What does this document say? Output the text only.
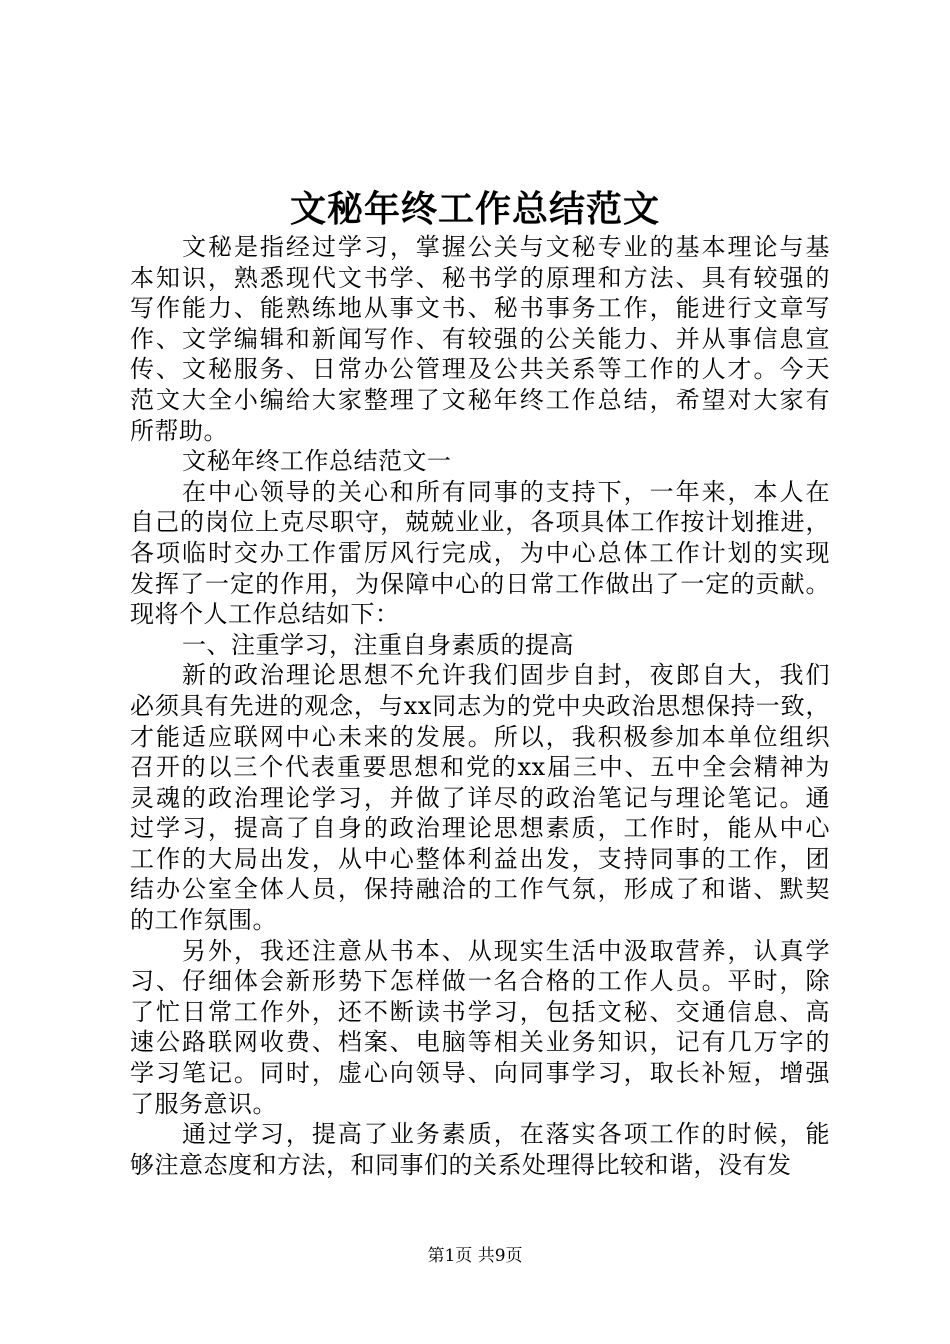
文秘年终工作总结范文
文秘是指经过学习，掌握公关与文秘专业的基本理论与基
本知识，熟悉现代文书学、秘书学的原理和方法、具有较强的
写作能力、能熟练地从事文书、秘书事务工作，能进行文章写
作、文学编辑和新闻写作、有较强的公关能力、并从事信息宣
传、文秘服务、日常办公管理及公共关系等工作的人才。今天
范文大全小编给大家整理了文秘年终工作总结，希望对大家有
所帮助。
文秘年终工作总结范文一
在中心领导的关心和所有同事的支持下，一年来，本人在
自己的岗位上克尽职守，兢兢业业，各项具体工作按计划推进，
各项临时交办工作雷厉风行完成，为中心总体工作计划的实现
发挥了一定的作用，为保障中心的日常工作做出了一定的贡献。
现将个人工作总结如下：
一、注重学习，注重自身素质的提高
新的政治理论思想不允许我们固步自封，夜郎自大，我们
必须具有先进的观念，与xx同志为的党中央政治思想保持一致，
才能适应联网中心未来的发展。所以，我积极参加本单位组织
召开的以三个代表重要思想和党的xx届三中、五中全会精神为
灵魂的政治理论学习，并做了详尽的政治笔记与理论笔记。通
过学习，提高了自身的政治理论思想素质，工作时，能从中心
工作的大局出发，从中心整体利益出发，支持同事的工作，团
结办公室全体人员，保持融洽的工作气氛，形成了和谐、默契
的工作氛围。
另外，我还注意从书本、从现实生活中汲取营养，认真学
习、仔细体会新形势下怎样做一名合格的工作人员。平时，除
了忙日常工作外，还不断读书学习，包括文秘、交通信息、高
速公路联网收费、档案、电脑等相关业务知识，记有几万字的
学习笔记。同时，虚心向领导、向同事学习，取长补短，增强
了服务意识。
通过学习，提高了业务素质，在落实各项工作的时候，能
够注意态度和方法，和同事们的关系处理得比较和谐，没有发
第1页 共9页
